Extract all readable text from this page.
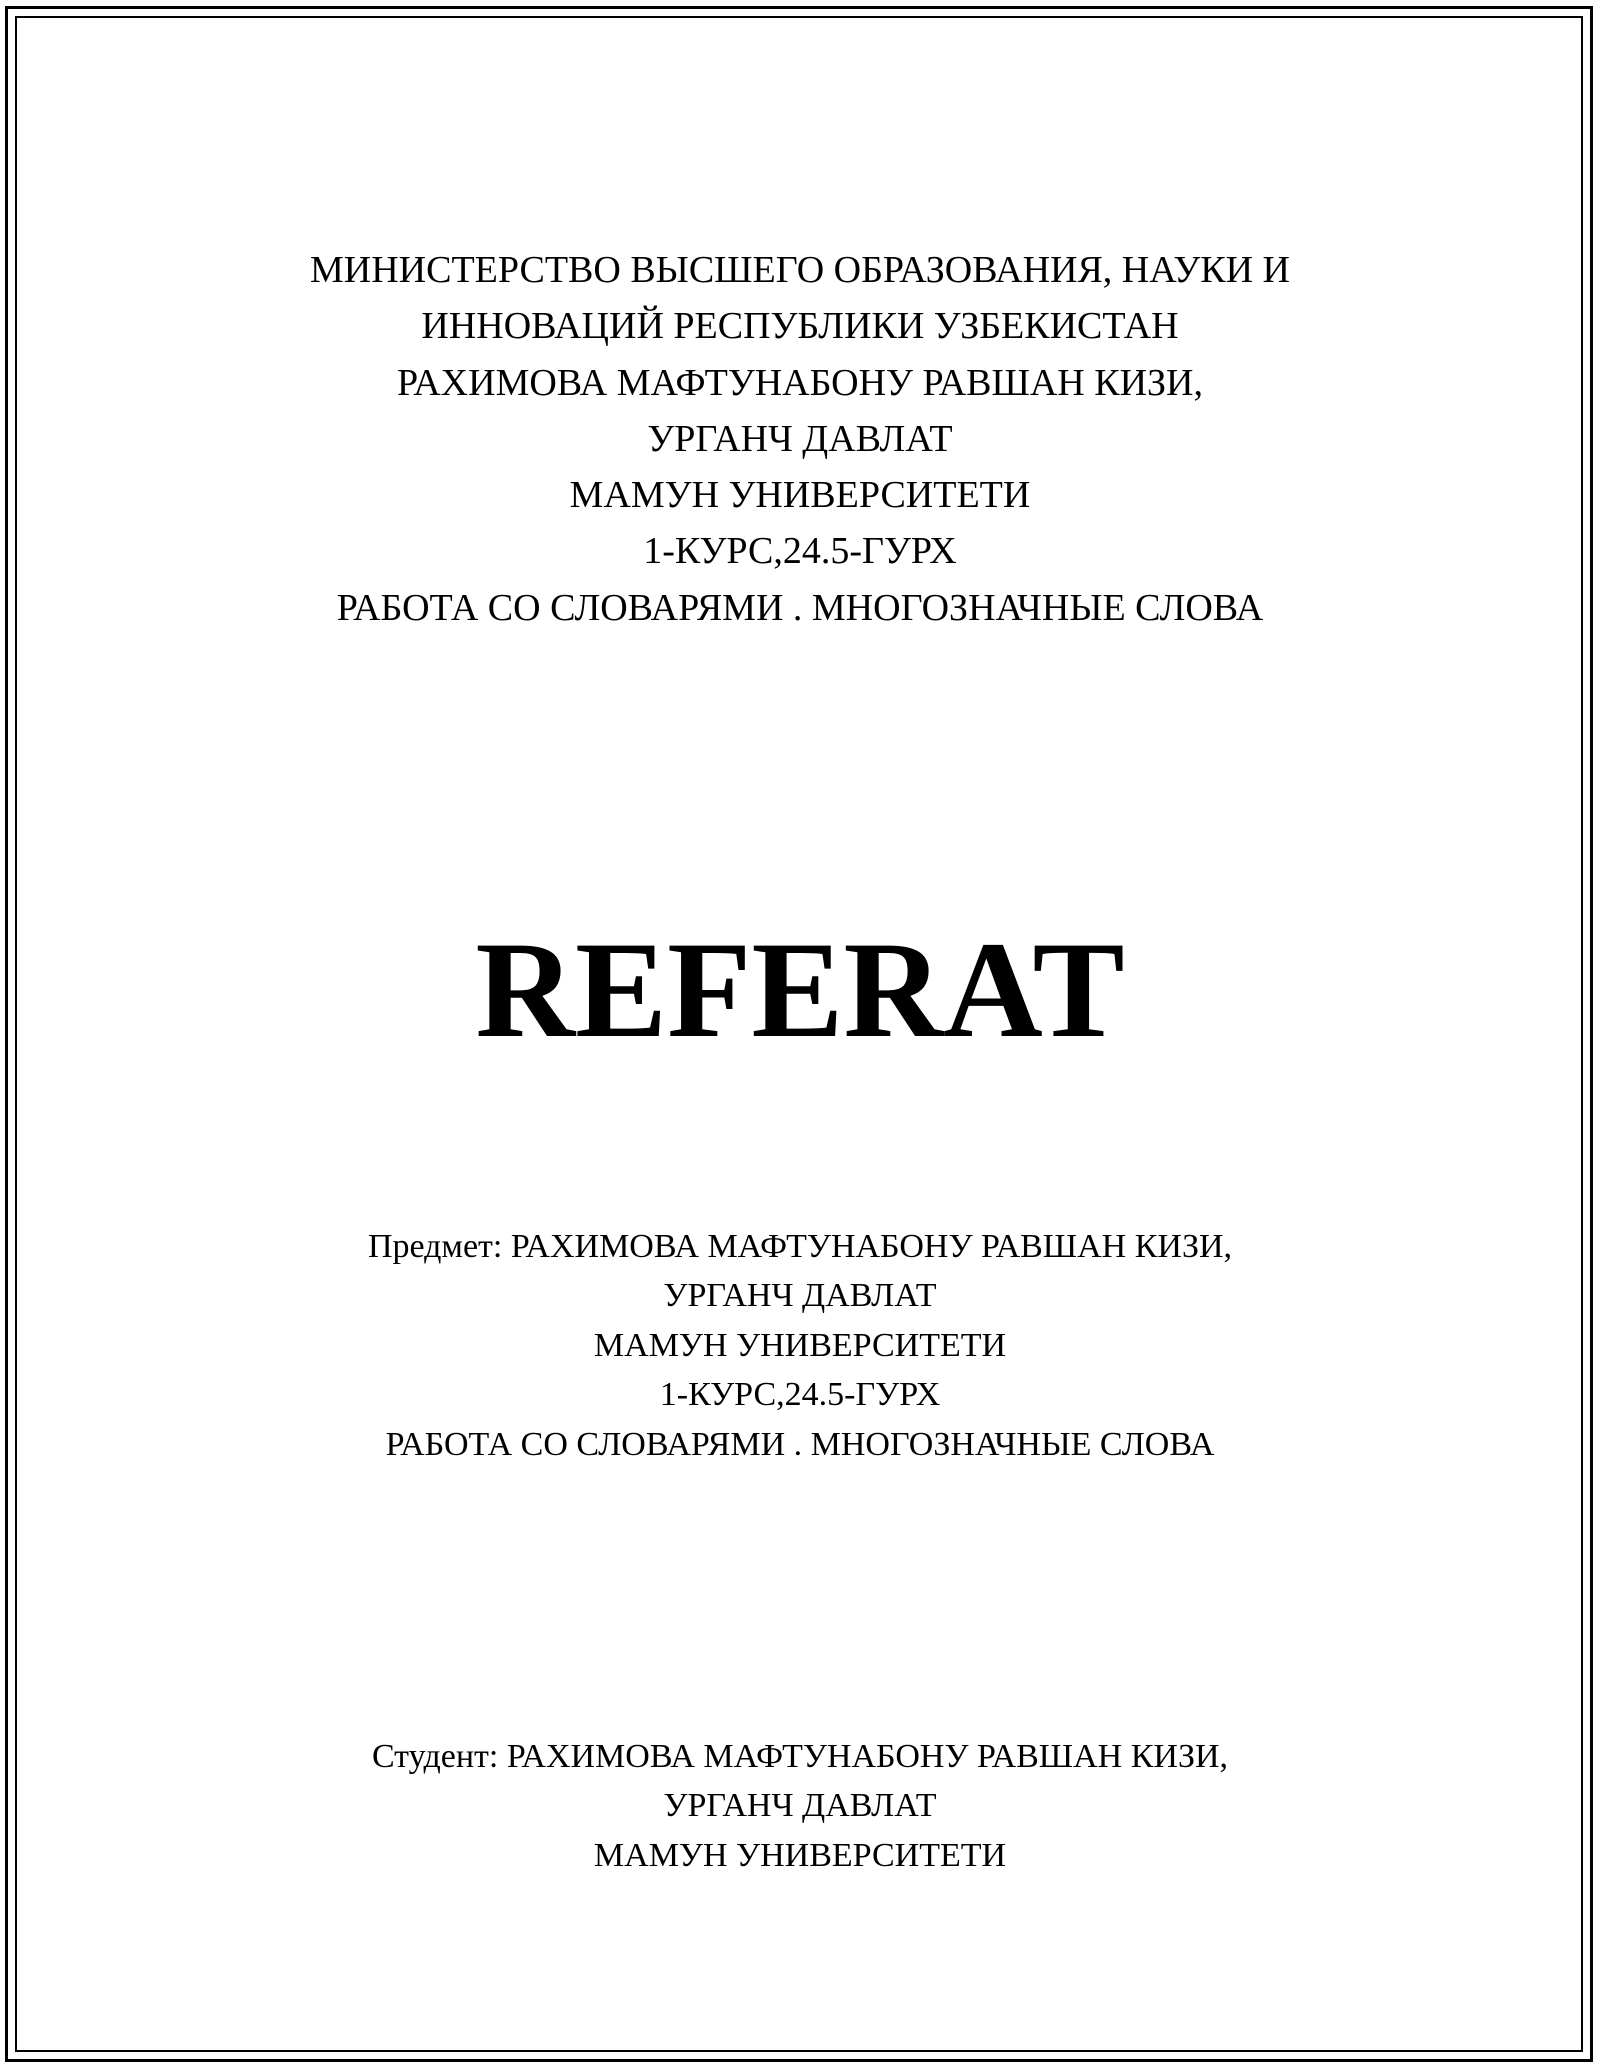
МИНИСТЕРСТВО ВЫСШЕГО ОБРАЗОВАНИЯ, НАУКИ И
ИННОВАЦИЙ РЕСПУБЛИКИ УЗБЕКИСТАН
РАХИМОВА МАФТУНАБОНУ РАВШАН КИЗИ,
УРГАНЧ ДАВЛАТ
МАМУН УНИВЕРСИТЕТИ
1-КУРС,24.5-ГУРХ
РАБОТА СО СЛОВАРЯМИ . МНОГОЗНАЧНЫЕ СЛОВА
REFERAT
Предмет: РАХИМОВА МАФТУНАБОНУ РАВШАН КИЗИ,
УРГАНЧ ДАВЛАТ
МАМУН УНИВЕРСИТЕТИ
1-КУРС,24.5-ГУРХ
РАБОТА СО СЛОВАРЯМИ . МНОГОЗНАЧНЫЕ СЛОВА
Студент: РАХИМОВА МАФТУНАБОНУ РАВШАН КИЗИ,
УРГАНЧ ДАВЛАТ
МАМУН УНИВЕРСИТЕТИ
